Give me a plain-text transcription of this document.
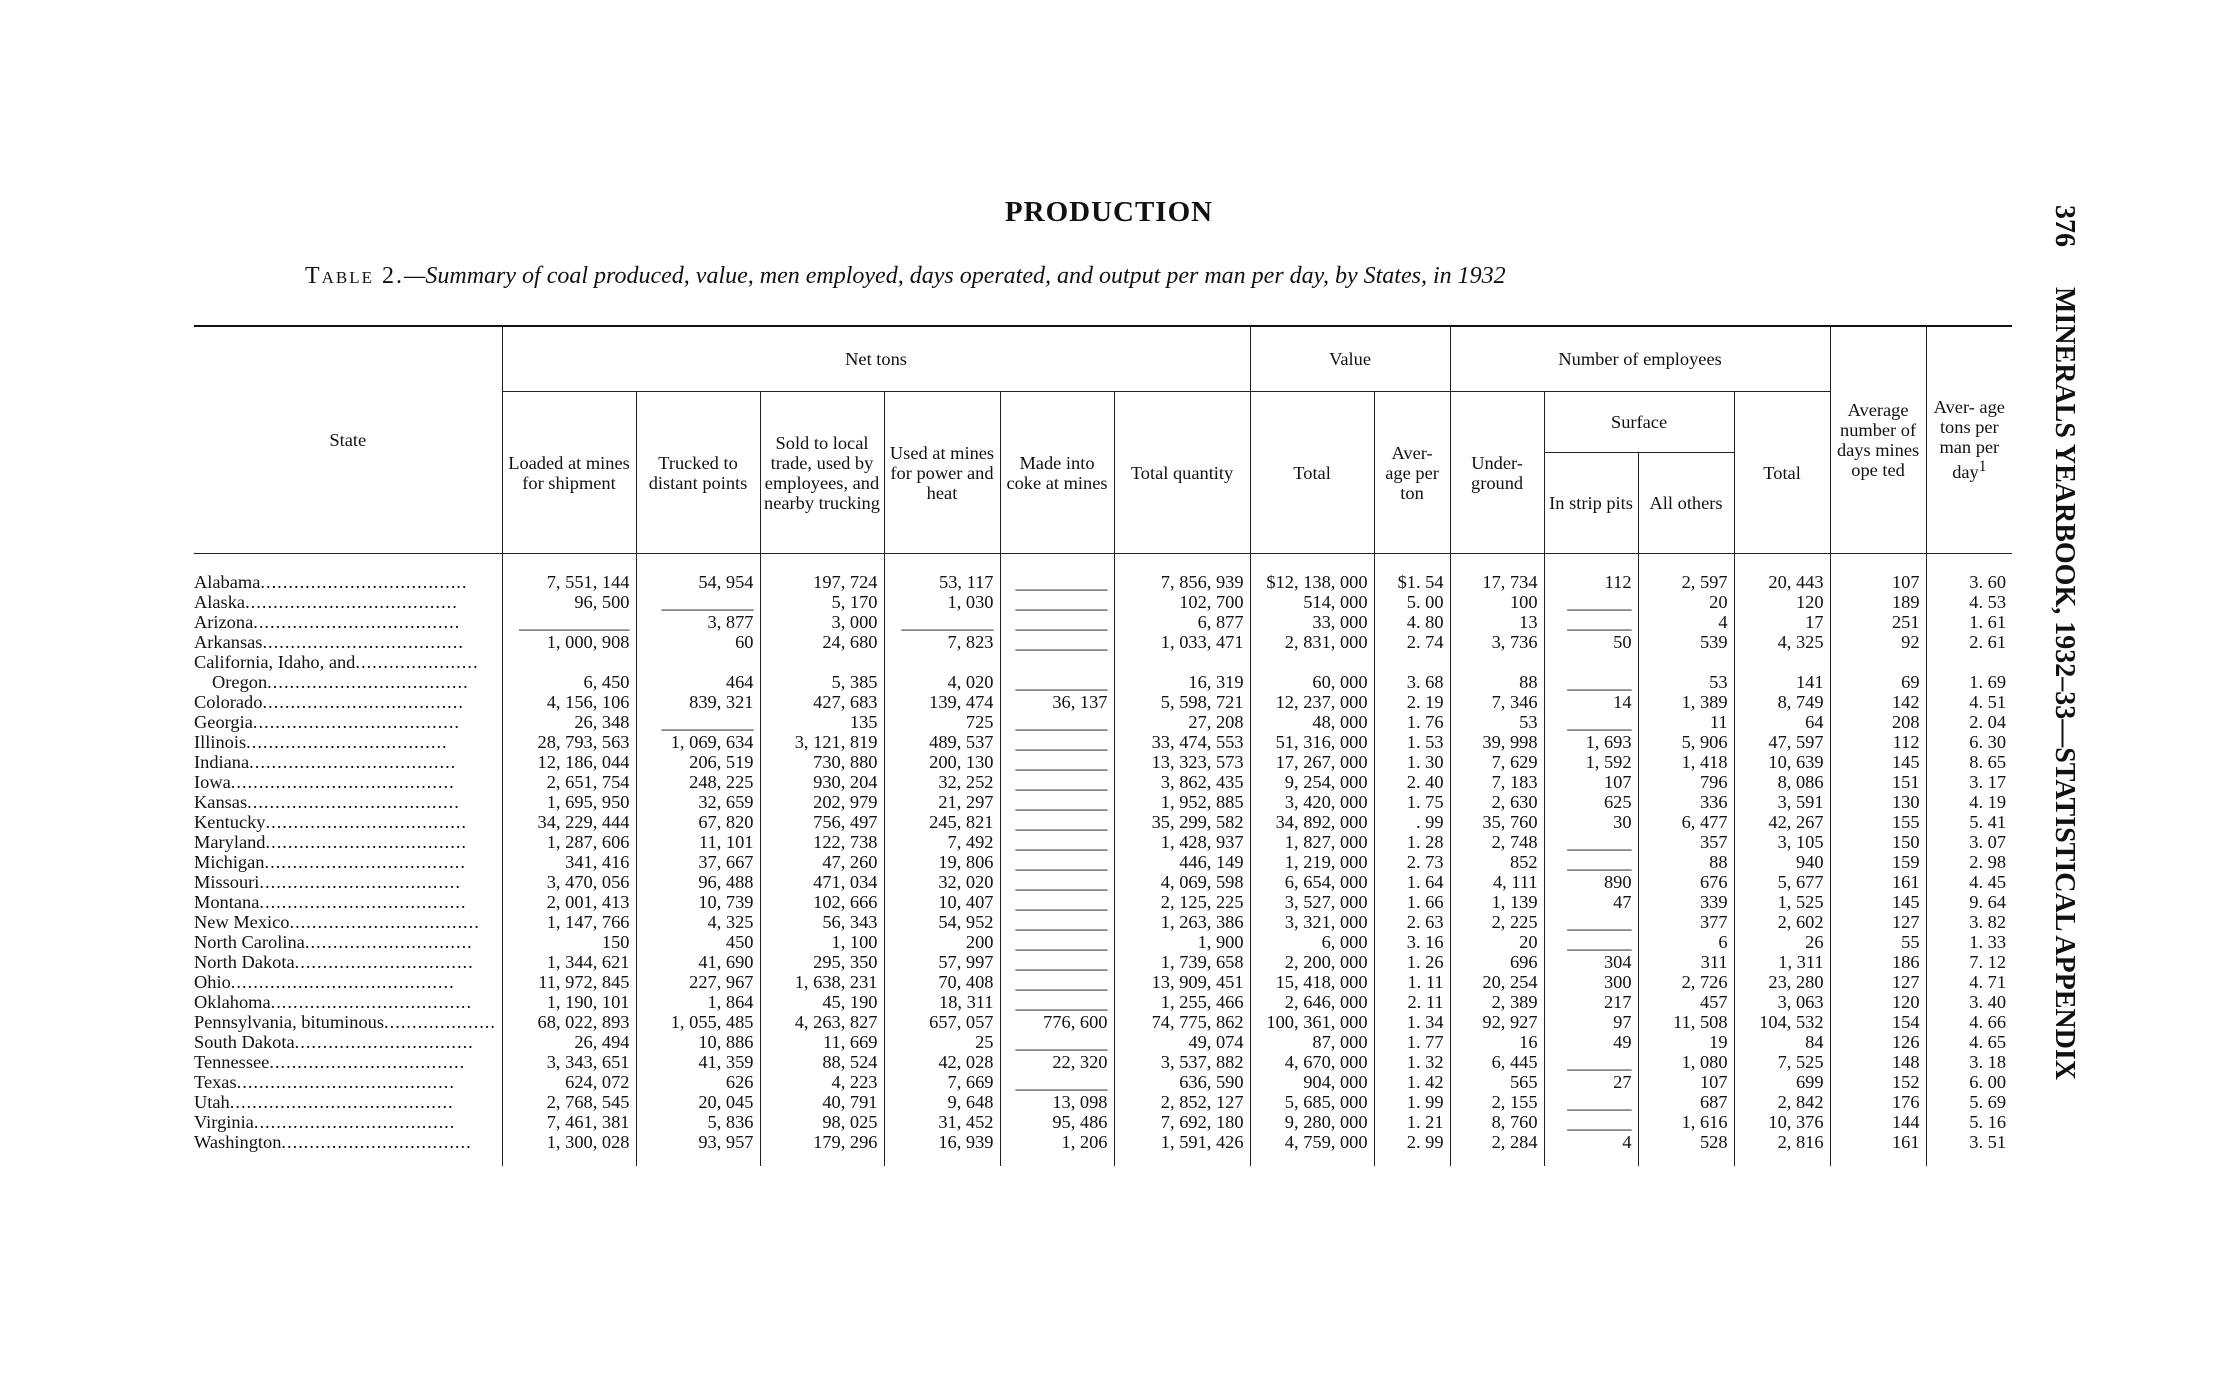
PRODUCTION
Table 2.—Summary of coal produced, value, men employed, days operated, and output per man per day, by States, in 1932
376MINERALS YEARBOOK, 1932–33—STATISTICAL APPENDIX
State	Net tons						Value		Number of employees				Average number of days mines ope ted	Aver- age tons per man per day$^1$
	Loaded at mines for shipment	Trucked to distant points	Sold to local trade, used by employees, and nearby trucking	Used at mines for power and heat	Made into coke at mines	Total quantity	Total	Aver- age per ton	Under- ground	Surface		Total		
										In strip pits	All others			

Alabama.....................................	7, 551, 144	54, 954	197, 724	53, 117	__________	7, 856, 939	$12, 138, 000	$1. 54	17, 734	112	2, 597	20, 443	107	3. 60
Alaska......................................	96, 500	__________	5, 170	1, 030	__________	102, 700	514, 000	5. 00	100	_______	20	120	189	4. 53
Arizona.....................................	____________	3, 877	3, 000	__________	__________	6, 877	33, 000	4. 80	13	_______	4	17	251	1. 61
Arkansas....................................	1, 000, 908	60	24, 680	7, 823	__________	1, 033, 471	2, 831, 000	2. 74	3, 736	50	539	4, 325	92	2. 61
California, Idaho, and......................														
Oregon....................................	6, 450	464	5, 385	4, 020	__________	16, 319	60, 000	3. 68	88	_______	53	141	69	1. 69
Colorado....................................	4, 156, 106	839, 321	427, 683	139, 474	36, 137	5, 598, 721	12, 237, 000	2. 19	7, 346	14	1, 389	8, 749	142	4. 51
Georgia.....................................	26, 348	__________	135	725	__________	27, 208	48, 000	1. 76	53	_______	11	64	208	2. 04
Illinois....................................	28, 793, 563	1, 069, 634	3, 121, 819	489, 537	__________	33, 474, 553	51, 316, 000	1. 53	39, 998	1, 693	5, 906	47, 597	112	6. 30
Indiana.....................................	12, 186, 044	206, 519	730, 880	200, 130	__________	13, 323, 573	17, 267, 000	1. 30	7, 629	1, 592	1, 418	10, 639	145	8. 65
Iowa........................................	2, 651, 754	248, 225	930, 204	32, 252	__________	3, 862, 435	9, 254, 000	2. 40	7, 183	107	796	8, 086	151	3. 17
Kansas......................................	1, 695, 950	32, 659	202, 979	21, 297	__________	1, 952, 885	3, 420, 000	1. 75	2, 630	625	336	3, 591	130	4. 19
Kentucky....................................	34, 229, 444	67, 820	756, 497	245, 821	__________	35, 299, 582	34, 892, 000	. 99	35, 760	30	6, 477	42, 267	155	5. 41
Maryland....................................	1, 287, 606	11, 101	122, 738	7, 492	__________	1, 428, 937	1, 827, 000	1. 28	2, 748	_______	357	3, 105	150	3. 07
Michigan....................................	341, 416	37, 667	47, 260	19, 806	__________	446, 149	1, 219, 000	2. 73	852	_______	88	940	159	2. 98
Missouri....................................	3, 470, 056	96, 488	471, 034	32, 020	__________	4, 069, 598	6, 654, 000	1. 64	4, 111	890	676	5, 677	161	4. 45
Montana.....................................	2, 001, 413	10, 739	102, 666	10, 407	__________	2, 125, 225	3, 527, 000	1. 66	1, 139	47	339	1, 525	145	9. 64
New Mexico..................................	1, 147, 766	4, 325	56, 343	54, 952	__________	1, 263, 386	3, 321, 000	2. 63	2, 225	_______	377	2, 602	127	3. 82
North Carolina..............................	150	450	1, 100	200	__________	1, 900	6, 000	3. 16	20	_______	6	26	55	1. 33
North Dakota................................	1, 344, 621	41, 690	295, 350	57, 997	__________	1, 739, 658	2, 200, 000	1. 26	696	304	311	1, 311	186	7. 12
Ohio........................................	11, 972, 845	227, 967	1, 638, 231	70, 408	__________	13, 909, 451	15, 418, 000	1. 11	20, 254	300	2, 726	23, 280	127	4. 71
Oklahoma....................................	1, 190, 101	1, 864	45, 190	18, 311	__________	1, 255, 466	2, 646, 000	2. 11	2, 389	217	457	3, 063	120	3. 40
Pennsylvania, bituminous....................	68, 022, 893	1, 055, 485	4, 263, 827	657, 057	776, 600	74, 775, 862	100, 361, 000	1. 34	92, 927	97	11, 508	104, 532	154	4. 66
South Dakota................................	26, 494	10, 886	11, 669	25	__________	49, 074	87, 000	1. 77	16	49	19	84	126	4. 65
Tennessee...................................	3, 343, 651	41, 359	88, 524	42, 028	22, 320	3, 537, 882	4, 670, 000	1. 32	6, 445	_______	1, 080	7, 525	148	3. 18
Texas.......................................	624, 072	626	4, 223	7, 669	__________	636, 590	904, 000	1. 42	565	27	107	699	152	6. 00
Utah........................................	2, 768, 545	20, 045	40, 791	9, 648	13, 098	2, 852, 127	5, 685, 000	1. 99	2, 155	_______	687	2, 842	176	5. 69
Virginia....................................	7, 461, 381	5, 836	98, 025	31, 452	95, 486	7, 692, 180	9, 280, 000	1. 21	8, 760	_______	1, 616	10, 376	144	5. 16
Washington..................................	1, 300, 028	93, 957	179, 296	16, 939	1, 206	1, 591, 426	4, 759, 000	2. 99	2, 284	4	528	2, 816	161	3. 51
